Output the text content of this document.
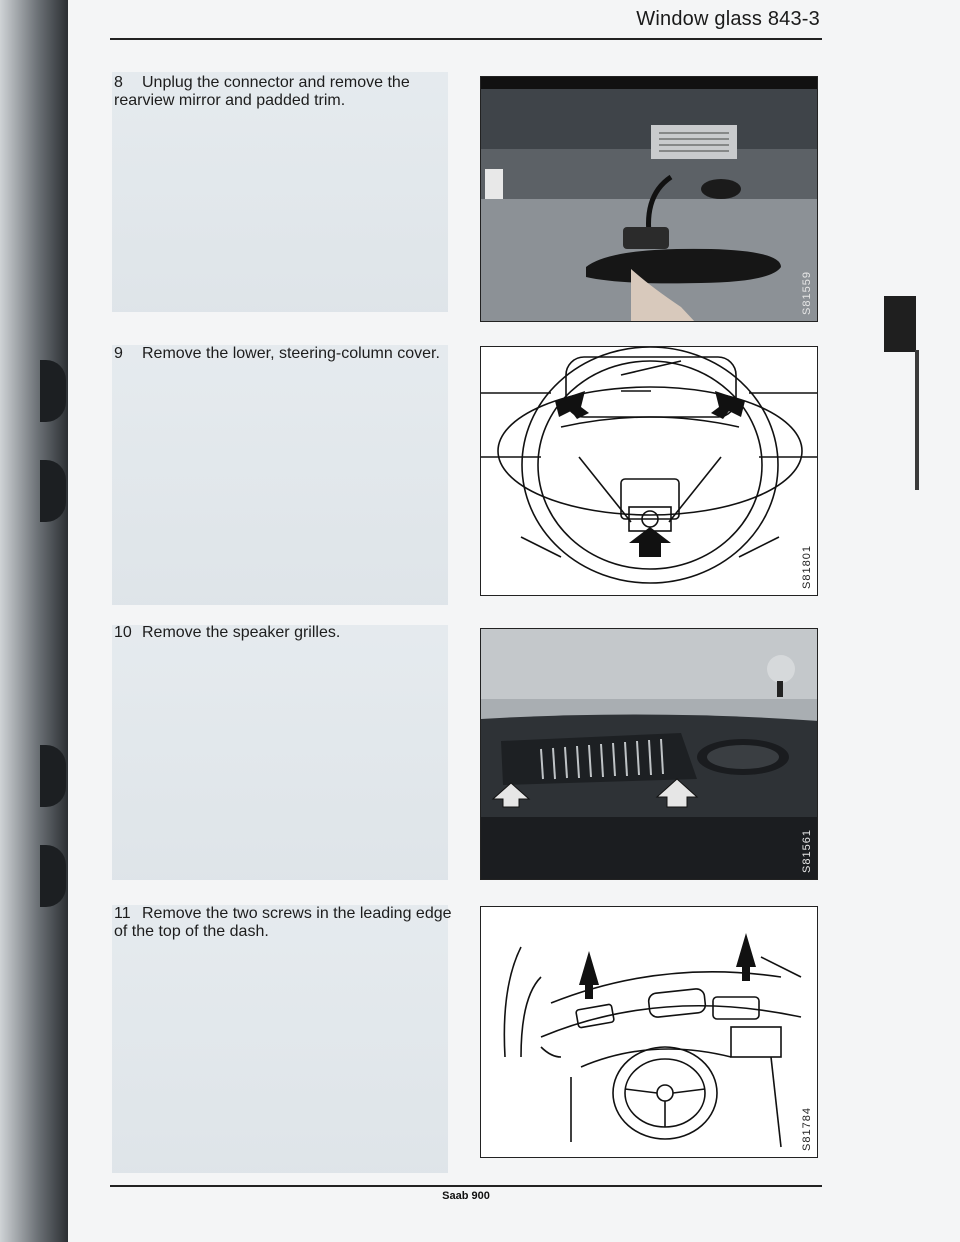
Window glass 843-3
8 Unplug the connector and remove the rearview mirror and padded trim.
9 Remove the lower, steering-column cover.
10 Remove the speaker grilles.
11 Remove the two screws in the leading edge of the top of the dash.
S81559
S81801
S81561
S81784
Saab 900
